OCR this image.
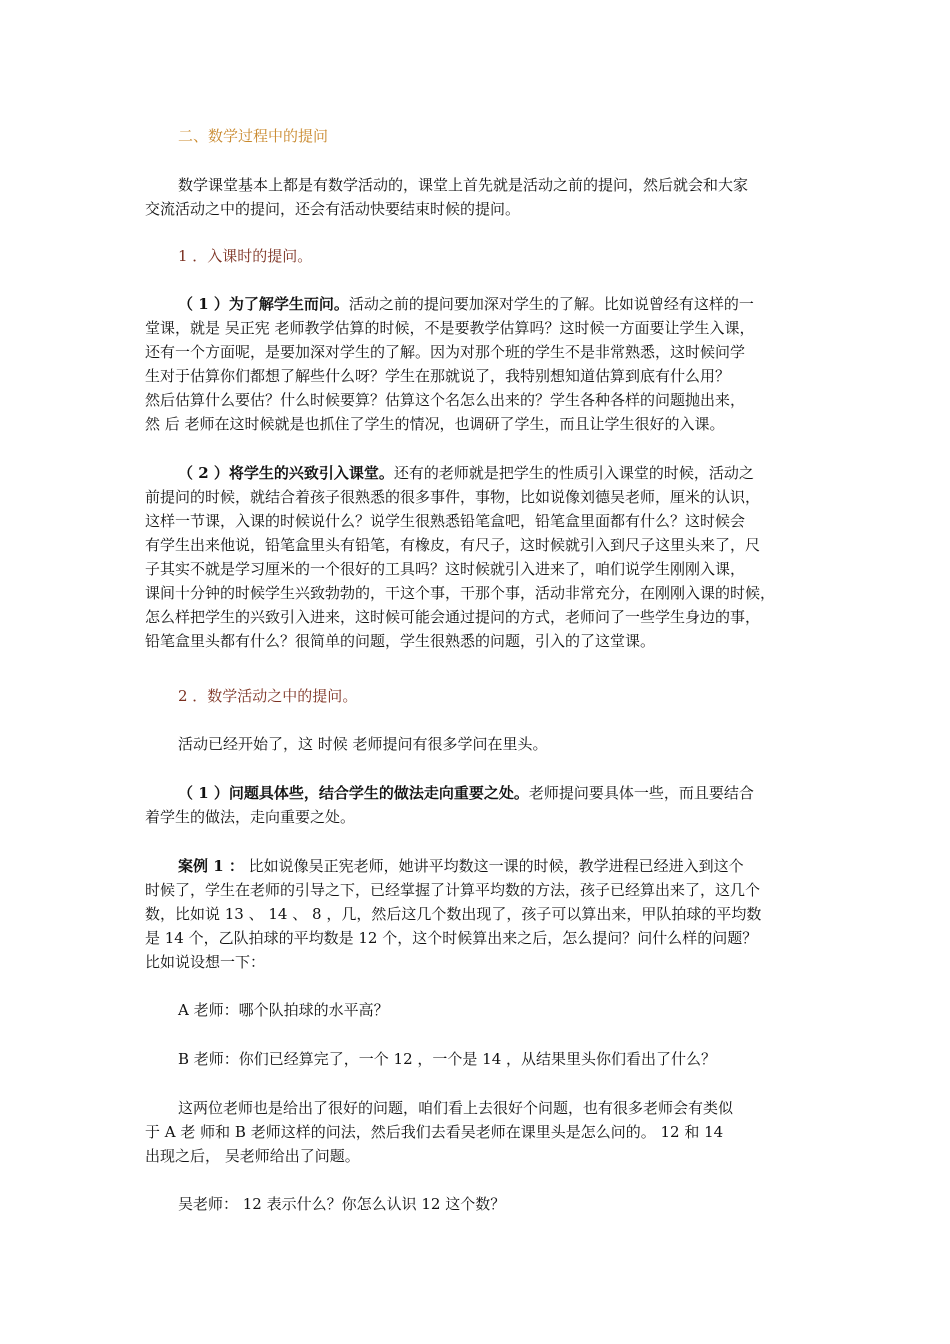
二、数学过程中的提问
数学课堂基本上都是有数学活动的，课堂上首先就是活动之前的提问，然后就会和大家
交流活动之中的提问，还会有活动快要结束时候的提问。
1 ．入课时的提问。
（ 1 ）为了解学生而问。活动之前的提问要加深对学生的了解。比如说曾经有这样的一
堂课，就是 吴正宪 老师教学估算的时候，不是要教学估算吗？这时候一方面要让学生入课，
还有一个方面呢，是要加深对学生的了解。因为对那个班的学生不是非常熟悉，这时候问学
生对于估算你们都想了解些什么呀？学生在那就说了，我特别想知道估算到底有什么用？
然后估算什么要估？什么时候要算？估算这个名怎么出来的？学生各种各样的问题抛出来，
然 后 老师在这时候就是也抓住了学生的情况，也调研了学生，而且让学生很好的入课。
（ 2 ）将学生的兴致引入课堂。还有的老师就是把学生的性质引入课堂的时候，活动之
前提问的时候，就结合着孩子很熟悉的很多事件，事物，比如说像刘德吴老师，厘米的认识，
这样一节课，入课的时候说什么？说学生很熟悉铅笔盒吧，铅笔盒里面都有什么？这时候会
有学生出来他说，铅笔盒里头有铅笔，有橡皮，有尺子，这时候就引入到尺子这里头来了，尺
子其实不就是学习厘米的一个很好的工具吗？这时候就引入进来了，咱们说学生刚刚入课，
课间十分钟的时候学生兴致勃勃的，干这个事，干那个事，活动非常充分，在刚刚入课的时候，
怎么样把学生的兴致引入进来，这时候可能会通过提问的方式，老师问了一些学生身边的事，
铅笔盒里头都有什么？很简单的问题，学生很熟悉的问题，引入的了这堂课。
2 ．数学活动之中的提问。
活动已经开始了，这 时候 老师提问有很多学问在里头。
（ 1 ）问题具体些，结合学生的做法走向重要之处。老师提问要具体一些，而且要结合
着学生的做法，走向重要之处。
案例 1 ： 比如说像吴正宪老师，她讲平均数这一课的时候，教学进程已经进入到这个
时候了，学生在老师的引导之下，已经掌握了计算平均数的方法，孩子已经算出来了，这几个
数，比如说 13 、 14 、 8 ，几，然后这几个数出现了，孩子可以算出来，甲队拍球的平均数
是 14 个，乙队拍球的平均数是 12 个，这个时候算出来之后，怎么提问？问什么样的问题？
比如说设想一下：
A 老师：哪个队拍球的水平高？
B 老师：你们已经算完了，一个 12 ，一个是 14 ，从结果里头你们看出了什么？
这两位老师也是给出了很好的问题，咱们看上去很好个问题，也有很多老师会有类似
于 A 老 师和 B 老师这样的问法，然后我们去看吴老师在课里头是怎么问的。 12 和 14
出现之后， 吴老师给出了问题。
吴老师： 12 表示什么？你怎么认识 12 这个数？
